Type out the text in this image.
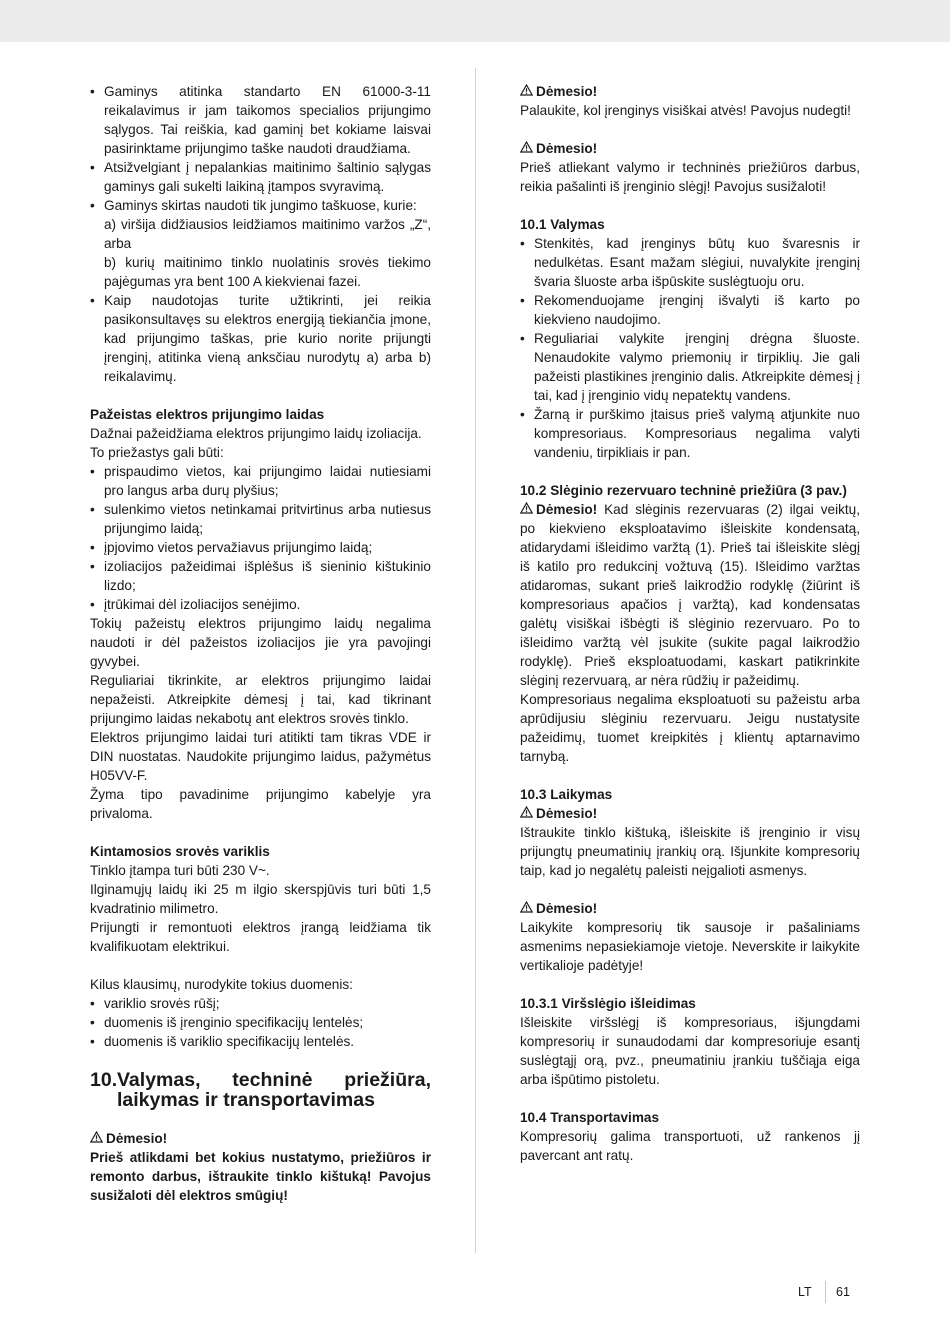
• Gaminys atitinka standarto EN 61000-3-11 reikalavimus ir jam taikomos specialios prijungimo sąlygos. Tai reiškia, kad gaminį bet kokiame laisvai pasirinktame prijungimo taške naudoti draudžiama.
• Atsižvelgiant į nepalankias maitinimo šaltinio sąlygas gaminys gali sukelti laikiną įtampos svyravimą.
• Gaminys skirtas naudoti tik jungimo taškuose, kurie:
a) viršija didžiausios leidžiamos maitinimo varžos „Z“, arba
b) kurių maitinimo tinklo nuolatinis srovės tiekimo pajėgumas yra bent 100 A kiekvienai fazei.
• Kaip naudotojas turite užtikrinti, jei reikia pasikonsultavęs su elektros energiją tiekiančia įmone, kad prijungimo taškas, prie kurio norite prijungti įrenginį, atitinka vieną anksčiau nurodytų a) arba b) reikalavimų.

Pažeistas elektros prijungimo laidas

Dažnai pažeidžiama elektros prijungimo laidų izoliacija.

To priežastys gali būti:

• prispaudimo vietos, kai prijungimo laidai nutiesiami pro langus arba durų plyšius;
• sulenkimo vietos netinkamai pritvirtinus arba nutiesus prijungimo laidą;
• įpjovimo vietos pervažiavus prijungimo laidą;
• izoliacijos pažeidimai išplėšus iš sieninio kištukinio lizdo;
• įtrūkimai dėl izoliacijos senėjimo.

Tokių pažeistų elektros prijungimo laidų negalima naudoti ir dėl pažeistos izoliacijos jie yra pavojingi gyvybei.

Reguliariai tikrinkite, ar elektros prijungimo laidai nepažeisti. Atkreipkite dėmesį į tai, kad tikrinant prijungimo laidas nekabotų ant elektros srovės tinklo.

Elektros prijungimo laidai turi atitikti tam tikras VDE ir DIN nuostatas. Naudokite prijungimo laidus, pažymėtus H05VV-F.

Žyma tipo pavadinime prijungimo kabelyje yra privaloma.

Kintamosios srovės variklis

Tinklo įtampa turi būti 230 V~.

Ilginamųjų laidų iki 25 m ilgio skerspjūvis turi būti 1,5 kvadratinio milimetro.

Prijungti ir remontuoti elektros įrangą leidžiama tik kvalifikuotam elektrikui.

Kilus klausimų, nurodykite tokius duomenis:

• variklio srovės rūšį;
• duomenis iš įrenginio specifikacijų lentelės;
• duomenis iš variklio specifikacijų lentelės.

10.Valymas, techninė priežiūra, laikymas ir transportavimas

Dėmesio!

Prieš atlikdami bet kokius nustatymo, priežiūros ir remonto darbus, ištraukite tinklo kištuką! Pavojus susižaloti dėl elektros smūgių!

Dėmesio!

Palaukite, kol įrenginys visiškai atvės! Pavojus nudegti!

Dėmesio!

Prieš atliekant valymo ir techninės priežiūros darbus, reikia pašalinti iš įrenginio slėgį! Pavojus susižaloti!

10.1 Valymas

• Stenkitės, kad įrenginys būtų kuo švaresnis ir nedulkėtas. Esant mažam slėgiui, nuvalykite įrenginį švaria šluoste arba išpūskite suslėgtuoju oru.
• Rekomenduojame įrenginį išvalyti iš karto po kiekvieno naudojimo.
• Reguliariai valykite įrenginį drėgna šluoste. Nenaudokite valymo priemonių ir tirpiklių. Jie gali pažeisti plastikines įrenginio dalis. Atkreipkite dėmesį į tai, kad į įrenginio vidų nepatektų vandens.
• Žarną ir purškimo įtaisus prieš valymą atjunkite nuo kompresoriaus. Kompresoriaus negalima valyti vandeniu, tirpikliais ir pan.

10.2 Slėginio rezervuaro techninė priežiūra (3 pav.)

Dėmesio! Kad slėginis rezervuaras (2) ilgai veiktų, po kiekvieno eksploatavimo išleiskite kondensatą, atidarydami išleidimo varžtą (1). Prieš tai išleiskite slėgį iš katilo pro redukcinį vožtuvą (15). Išleidimo varžtas atidaromas, sukant prieš laikrodžio rodyklę (žiūrint iš kompresoriaus apačios į varžtą), kad kondensatas galėtų visiškai išbėgti iš slėginio rezervuaro. Po to išleidimo varžtą vėl įsukite (sukite pagal laikrodžio rodyklę). Prieš eksploatuodami, kaskart patikrinkite slėginį rezervuarą, ar nėra rūdžių ir pažeidimų.

Kompresoriaus negalima eksploatuoti su pažeistu arba aprūdijusiu slėginiu rezervuaru. Jeigu nustatysite pažeidimų, tuomet kreipkitės į klientų aptarnavimo tarnybą.

10.3 Laikymas

Dėmesio!

Ištraukite tinklo kištuką, išleiskite iš įrenginio ir visų prijungtų pneumatinių įrankių orą. Išjunkite kompresorių taip, kad jo negalėtų paleisti neįgalioti asmenys.

Dėmesio!

Laikykite kompresorių tik sausoje ir pašaliniams asmenims nepasiekiamoje vietoje. Neverskite ir laikykite vertikalioje padėtyje!

10.3.1 Viršslėgio išleidimas

Išleiskite viršslėgį iš kompresoriaus, išjungdami kompresorių ir sunaudodami dar kompresoriuje esantį suslėgtąjį orą, pvz., pneumatiniu įrankiu tuščiąja eiga arba išpūtimo pistoletu.

10.4 Transportavimas

Kompresorių galima transportuoti, už rankenos jį pavercant ant ratų.

LT 61
